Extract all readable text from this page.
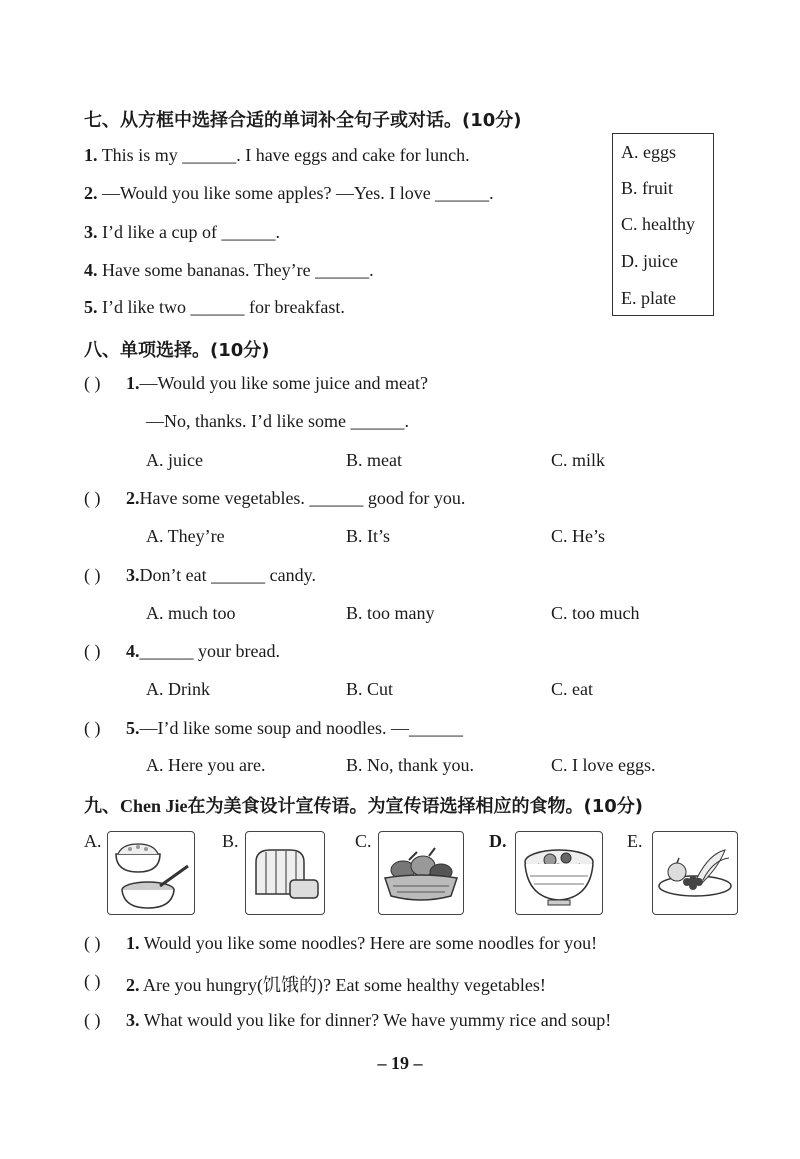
七、从方框中选择合适的单词补全句子或对话。(10分)
1. This is my ______. I have eggs and cake for lunch.
2. —Would you like some apples? —Yes. I love ______.
3. I’d like a cup of ______.
4. Have some bananas. They’re ______.
5. I’d like two ______ for breakfast.
A. eggs
B. fruit
C. healthy
D. juice
E. plate
八、单项选择。(10分)
( ) 1.—Would you like some juice and meat?
—No, thanks. I’d like some ______.
A. juice	B. meat	C. milk
( ) 2.Have some vegetables. ______ good for you.
A. They’re	B. It’s	C. He’s
( ) 3.Don’t eat ______ candy.
A. much too	B. too many	C. too much
( ) 4.______ your bread.
A. Drink	B. Cut	C. eat
( ) 5.—I’d like some soup and noodles. —______
A. Here you are.	B. No, thank you.	C. I love eggs.
九、Chen Jie在为美食设计宣传语。为宣传语选择相应的食物。(10分)
A.	B.	C.	D.	E.
( ) 1. Would you like some noodles? Here are some noodles for you!
( ) 2. Are you hungry(饥饿的)? Eat some healthy vegetables!
( ) 3. What would you like for dinner? We have yummy rice and soup!
– 19 –
